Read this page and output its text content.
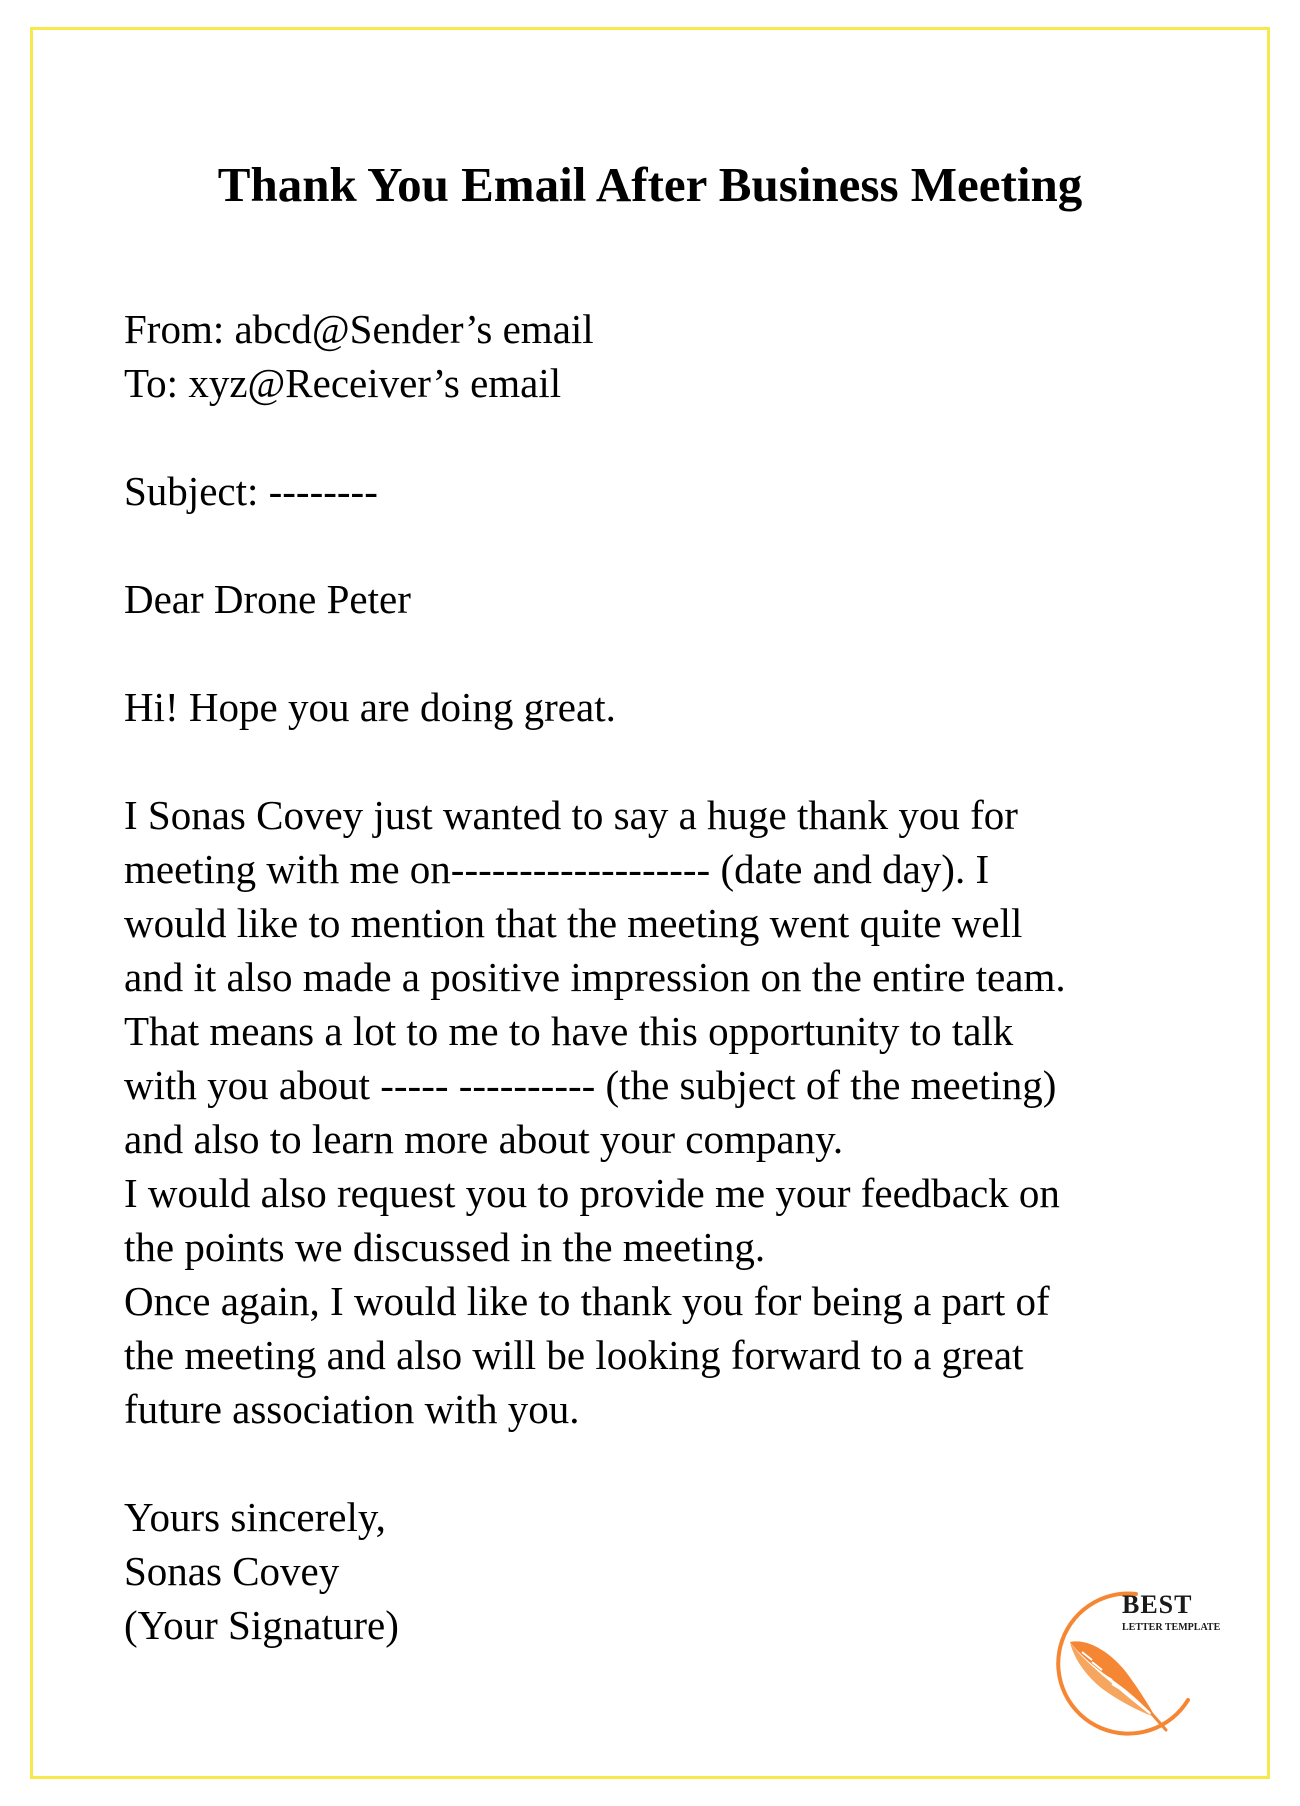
Thank You Email After Business Meeting
From: abcd@Sender’s email
To: xyz@Receiver’s email
Subject: --------
Dear Drone Peter
Hi! Hope you are doing great.
I Sonas Covey just wanted to say a huge thank you for
meeting with me on------------------- (date and day). I
would like to mention that the meeting went quite well
and it also made a positive impression on the entire team.
That means a lot to me to have this opportunity to talk
with you about ----- ---------- (the subject of the meeting)
and also to learn more about your company.
I would also request you to provide me your feedback on
the points we discussed in the meeting.
Once again, I would like to thank you for being a part of
the meeting and also will be looking forward to a great
future association with you.
Yours sincerely,
Sonas Covey
(Your Signature)	BEST
LETTER TEMPLATE
